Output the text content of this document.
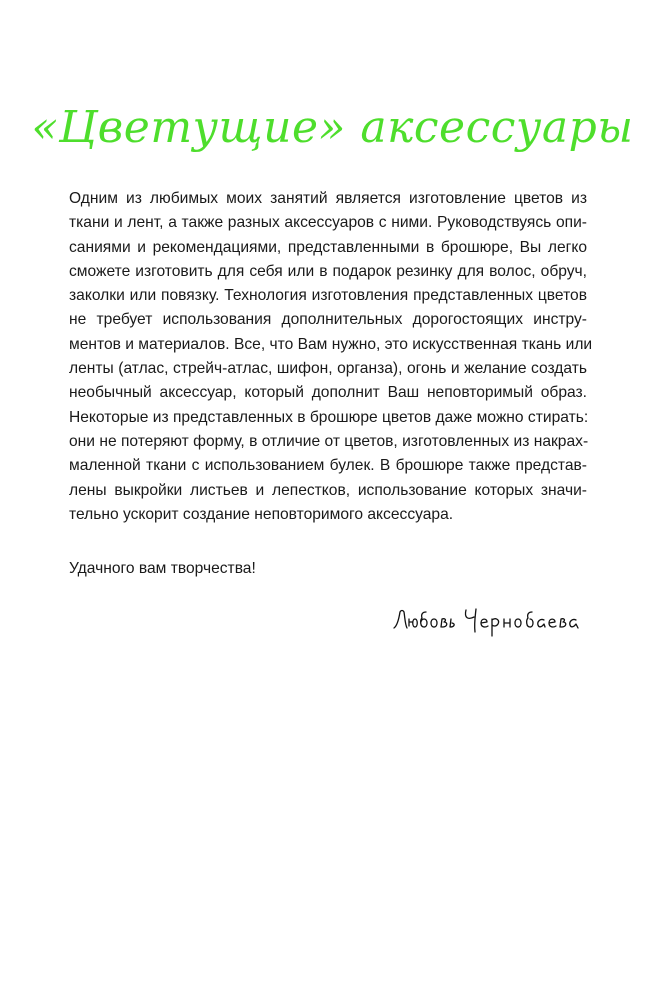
«Цветущие» аксессуары
Одним из любимых моих занятий является изготовление цветов из
ткани и лент, а также разных аксессуаров с ними. Руководствуясь опи-
саниями и рекомендациями, представленными в брошюре, Вы легко
сможете изготовить для себя или в подарок резинку для волос, обруч,
заколки или повязку. Технология изготовления представленных цветов
не требует использования дополнительных дорогостоящих инстру-
ментов и материалов. Все, что Вам нужно, это искусственная ткань или
ленты (атлас, стрейч-атлас, шифон, органза), огонь и желание создать
необычный аксессуар, который дополнит Ваш неповторимый образ.
Некоторые из представленных в брошюре цветов даже можно стирать:
они не потеряют форму, в отличие от цветов, изготовленных из накрах-
маленной ткани с использованием булек. В брошюре также представ-
лены выкройки листьев и лепестков, использование которых значи-
тельно ускорит создание неповторимого аксессуара.
Удачного вам творчества!
